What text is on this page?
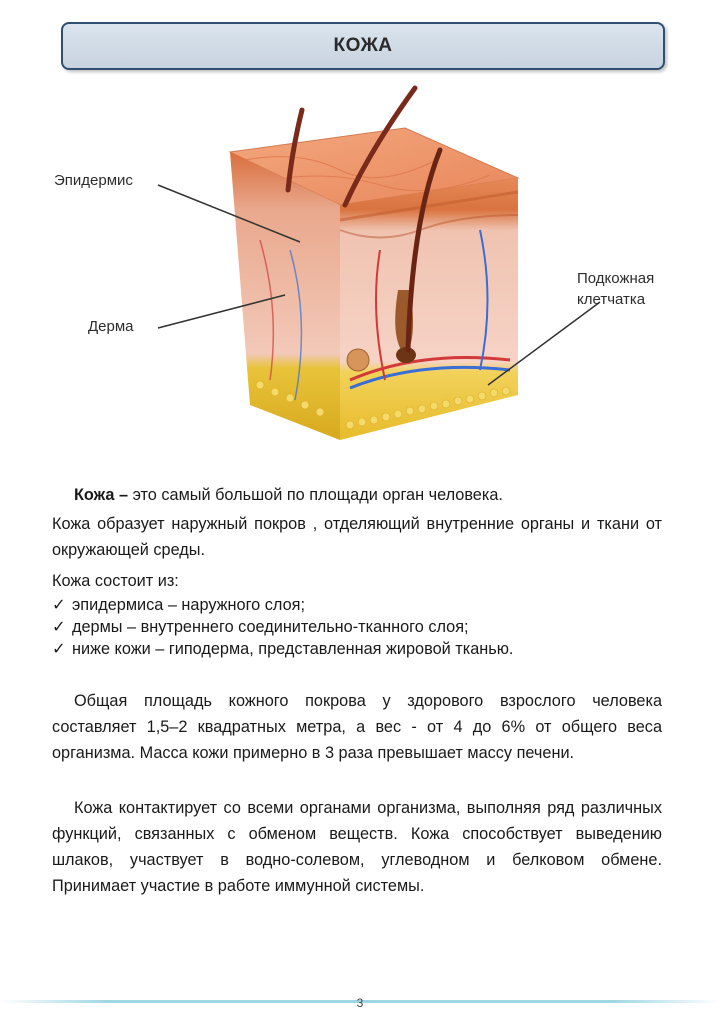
КОЖА
Эпидермис
Дерма
Подкожная
клетчатка
Кожа – это самый большой по площади орган человека.
Кожа образует наружный покров , отделяющий внутренние органы и ткани от окружающей среды.
Кожа состоит из:
✓ эпидермиса – наружного слоя;
✓ дермы – внутреннего соединительно-тканного слоя;
✓ ниже кожи – гиподерма, представленная жировой тканью.
Общая площадь кожного покрова у здорового взрослого человека составляет 1,5–2 квадратных метра, а вес - от 4 до 6% от общего веса организма. Масса кожи примерно в 3 раза превышает массу печени.
Кожа контактирует со всеми органами организма, выполняя ряд различных функций, связанных с обменом веществ. Кожа способствует выведению шлаков, участвует в водно-солевом, углеводном и белковом обмене. Принимает участие в работе иммунной системы.
3
